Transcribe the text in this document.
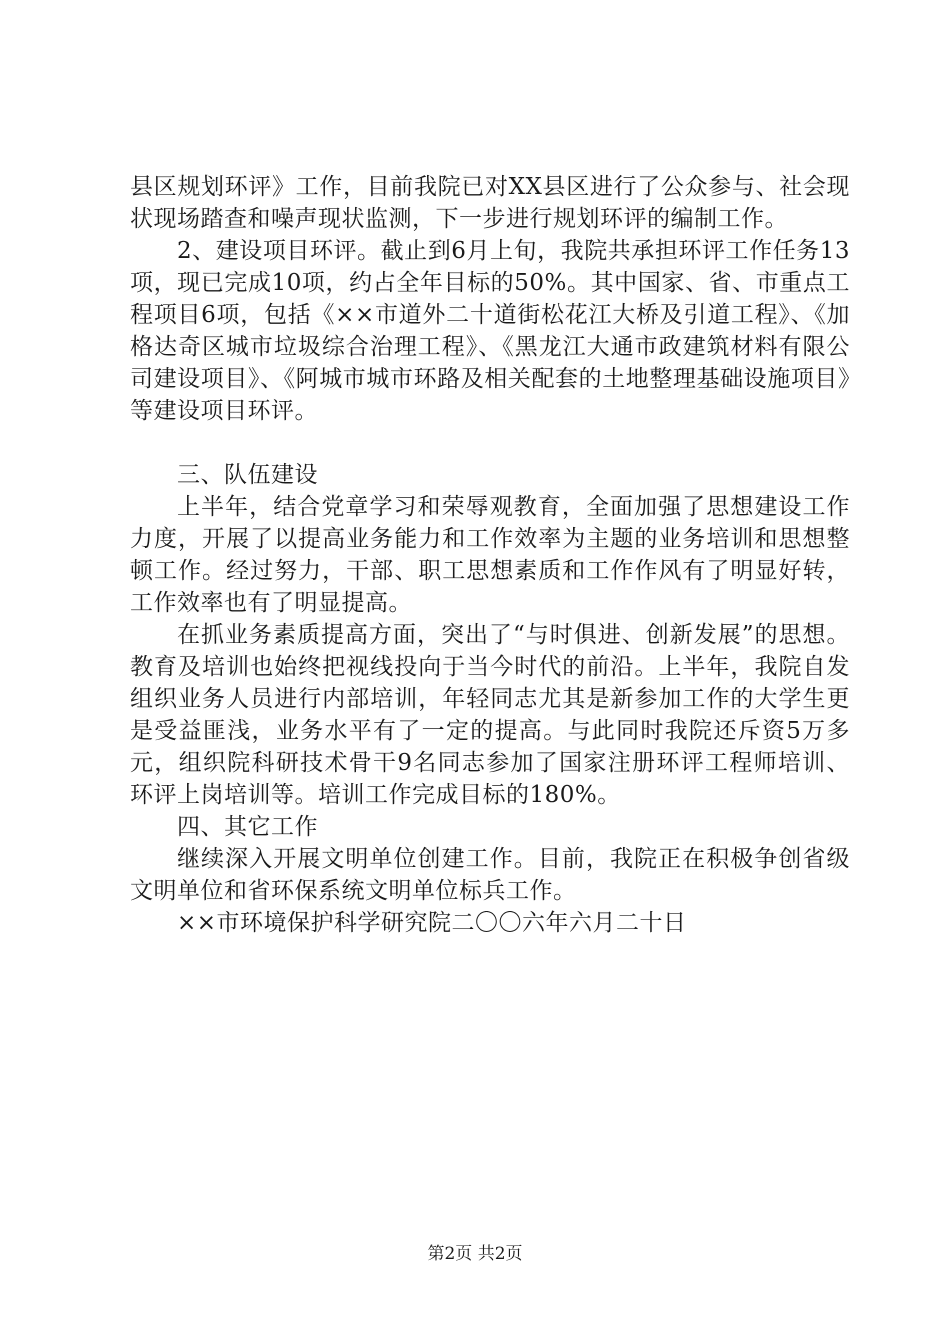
县区规划环评》工作，目前我院已对XX县区进行了公众参与、社会现状现场踏查和噪声现状监测，下一步进行规划环评的编制工作。

2、建设项目环评。截止到6月上旬，我院共承担环评工作任务13项，现已完成10项，约占全年目标的50%。其中国家、省、市重点工程项目6项，包括《××市道外二十道街松花江大桥及引道工程》、《加格达奇区城市垃圾综合治理工程》、《黑龙江大通市政建筑材料有限公司建设项目》、《阿城市城市环路及相关配套的土地整理基础设施项目》等建设项目环评。

三、队伍建设

上半年，结合党章学习和荣辱观教育，全面加强了思想建设工作力度，开展了以提高业务能力和工作效率为主题的业务培训和思想整顿工作。经过努力，干部、职工思想素质和工作作风有了明显好转，工作效率也有了明显提高。

在抓业务素质提高方面，突出了“与时俱进、创新发展”的思想。教育及培训也始终把视线投向于当今时代的前沿。上半年，我院自发组织业务人员进行内部培训，年轻同志尤其是新参加工作的大学生更是受益匪浅，业务水平有了一定的提高。与此同时我院还斥资5万多元，组织院科研技术骨干9名同志参加了国家注册环评工程师培训、环评上岗培训等。培训工作完成目标的180%。

四、其它工作

继续深入开展文明单位创建工作。目前，我院正在积极争创省级文明单位和省环保系统文明单位标兵工作。

××市环境保护科学研究院二〇〇六年六月二十日

第2页 共2页
